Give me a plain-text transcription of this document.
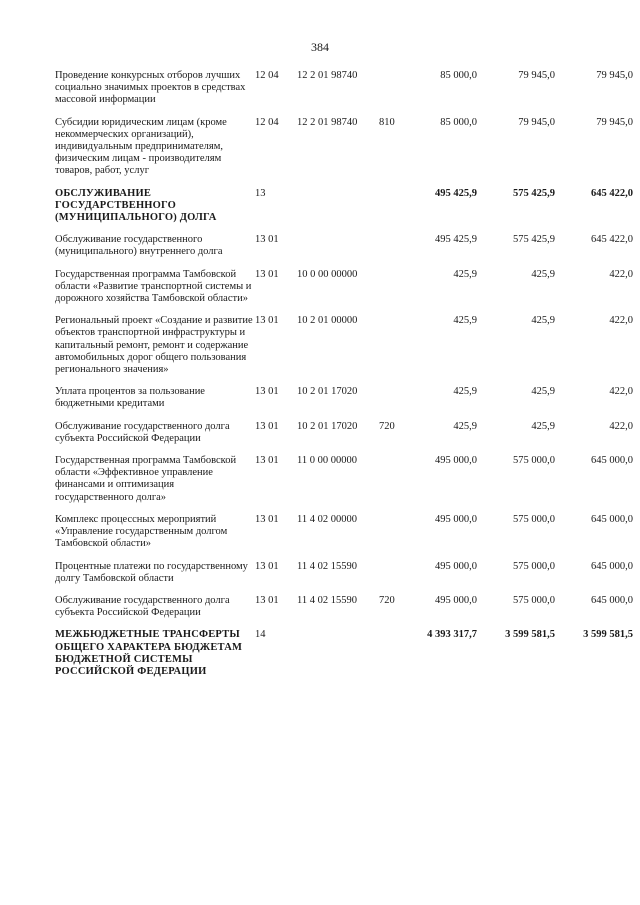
384
Проведение конкурсных отборов лучших социально значимых проектов в средствах массовой информации	12 04	12 2 01 98740		85 000,0	79 945,0	79 945,0

Субсидии юридическим лицам (кроме некоммерческих организаций), индивидуальным предпринимателям, физическим лицам - производителям товаров, работ, услуг	12 04	12 2 01 98740	810	85 000,0	79 945,0	79 945,0

ОБСЛУЖИВАНИЕ ГОСУДАРСТВЕННОГО (МУНИЦИПАЛЬНОГО) ДОЛГА	13			495 425,9	575 425,9	645 422,0

Обслуживание государственного (муниципального) внутреннего долга	13 01			495 425,9	575 425,9	645 422,0

Государственная программа Тамбовской области «Развитие транспортной системы и дорожного хозяйства Тамбовской области»	13 01	10 0 00 00000		425,9	425,9	422,0

Региональный проект «Создание и развитие объектов транспортной инфраструктуры и капитальный ремонт, ремонт и содержание автомобильных дорог общего пользования регионального значения»	13 01	10 2 01 00000		425,9	425,9	422,0

Уплата процентов за пользование бюджетными кредитами	13 01	10 2 01 17020		425,9	425,9	422,0

Обслуживание государственного долга субъекта Российской Федерации	13 01	10 2 01 17020	720	425,9	425,9	422,0

Государственная программа Тамбовской области «Эффективное управление финансами и оптимизация государственного долга»	13 01	11 0 00 00000		495 000,0	575 000,0	645 000,0

Комплекс процессных мероприятий «Управление государственным долгом Тамбовской области»	13 01	11 4 02 00000		495 000,0	575 000,0	645 000,0

Процентные платежи по государственному долгу Тамбовской области	13 01	11 4 02 15590		495 000,0	575 000,0	645 000,0

Обслуживание государственного долга субъекта Российской Федерации	13 01	11 4 02 15590	720	495 000,0	575 000,0	645 000,0

МЕЖБЮДЖЕТНЫЕ ТРАНСФЕРТЫ ОБЩЕГО ХАРАКТЕРА БЮДЖЕТАМ БЮДЖЕТНОЙ СИСТЕМЫ РОССИЙСКОЙ ФЕДЕРАЦИИ	14			4 393 317,7	3 599 581,5	3 599 581,5
